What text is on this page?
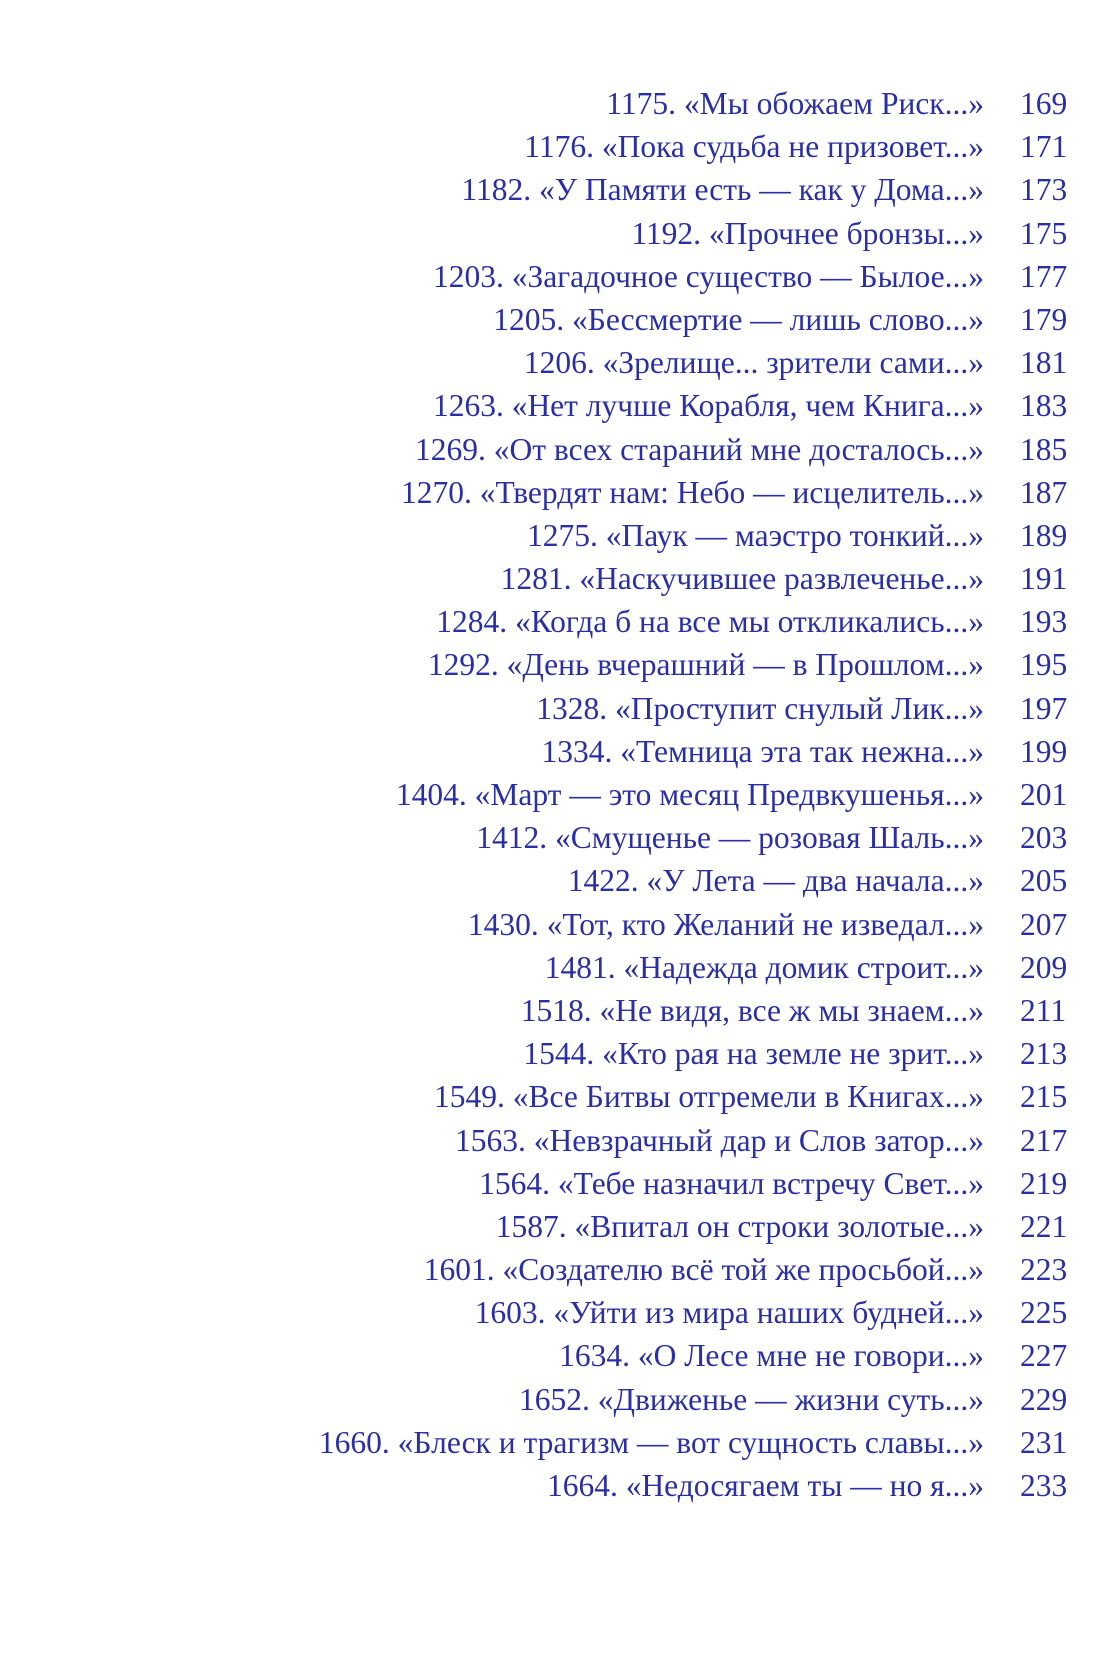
1175. «Мы обожаем Риск...» 169
1176. «Пока судьба не призовет...» 171
1182. «У Памяти есть — как у Дома...» 173
1192. «Прочнее бронзы...» 175
1203. «Загадочное существо — Былое...» 177
1205. «Бессмертие — лишь слово...» 179
1206. «Зрелище... зрители сами...» 181
1263. «Нет лучше Корабля, чем Книга...» 183
1269. «От всех стараний мне досталось...» 185
1270. «Твердят нам: Небо — исцелитель...» 187
1275. «Паук — маэстро тонкий...» 189
1281. «Наскучившее развлеченье...» 191
1284. «Когда б на все мы откликались...» 193
1292. «День вчерашний — в Прошлом...» 195
1328. «Проступит снулый Лик...» 197
1334. «Темница эта так нежна...» 199
1404. «Март — это месяц Предвкушенья...» 201
1412. «Смущенье — розовая Шаль...» 203
1422. «У Лета — два начала...» 205
1430. «Тот, кто Желаний не изведал...» 207
1481. «Надежда домик строит...» 209
1518. «Не видя, все ж мы знаем...» 211
1544. «Кто рая на земле не зрит...» 213
1549. «Все Битвы отгремели в Книгах...» 215
1563. «Невзрачный дар и Слов затор...» 217
1564. «Тебе назначил встречу Свет...» 219
1587. «Впитал он строки золотые...» 221
1601. «Создателю всё той же просьбой...» 223
1603. «Уйти из мира наших будней...» 225
1634. «О Лесе мне не говори...» 227
1652. «Движенье — жизни суть...» 229
1660. «Блеск и трагизм — вот сущность славы...» 231
1664. «Недосягаем ты — но я...» 233
